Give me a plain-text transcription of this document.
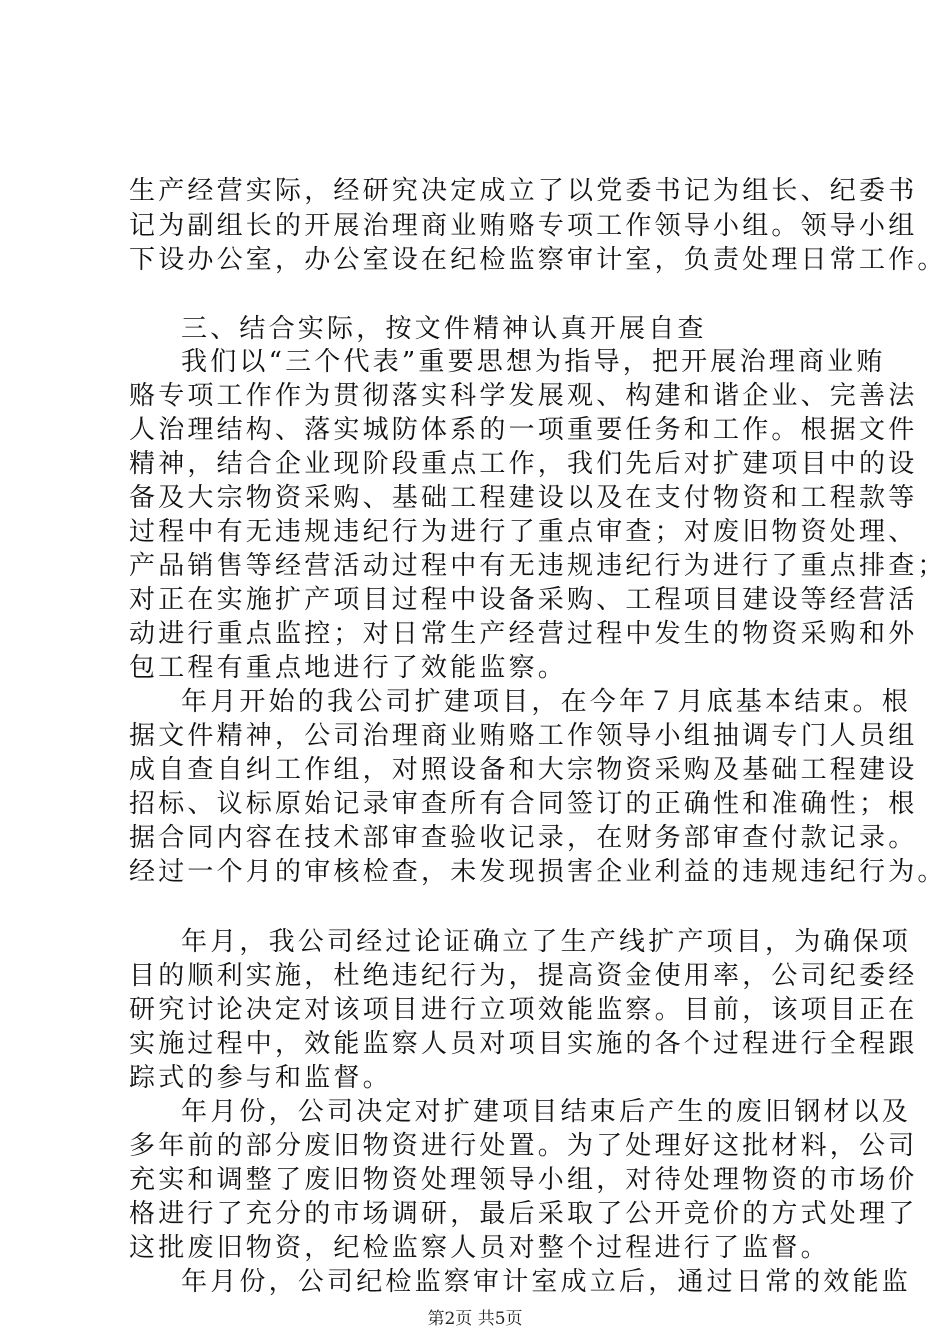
生产经营实际，经研究决定成立了以党委书记为组长、纪委书
记为副组长的开展治理商业贿赂专项工作领导小组。领导小组
下设办公室，办公室设在纪检监察审计室，负责处理日常工作。
三、结合实际，按文件精神认真开展自查
我们以“三个代表”重要思想为指导，把开展治理商业贿
赂专项工作作为贯彻落实科学发展观、构建和谐企业、完善法
人治理结构、落实城防体系的一项重要任务和工作。根据文件
精神，结合企业现阶段重点工作，我们先后对扩建项目中的设
备及大宗物资采购、基础工程建设以及在支付物资和工程款等
过程中有无违规违纪行为进行了重点审查；对废旧物资处理、
产品销售等经营活动过程中有无违规违纪行为进行了重点排查；
对正在实施扩产项目过程中设备采购、工程项目建设等经营活
动进行重点监控；对日常生产经营过程中发生的物资采购和外
包工程有重点地进行了效能监察。
年月开始的我公司扩建项目，在今年７月底基本结束。根
据文件精神，公司治理商业贿赂工作领导小组抽调专门人员组
成自查自纠工作组，对照设备和大宗物资采购及基础工程建设
招标、议标原始记录审查所有合同签订的正确性和准确性；根
据合同内容在技术部审查验收记录，在财务部审查付款记录。
经过一个月的审核检查，未发现损害企业利益的违规违纪行为。
年月，我公司经过论证确立了生产线扩产项目，为确保项
目的顺利实施，杜绝违纪行为，提高资金使用率，公司纪委经
研究讨论决定对该项目进行立项效能监察。目前，该项目正在
实施过程中，效能监察人员对项目实施的各个过程进行全程跟
踪式的参与和监督。
年月份，公司决定对扩建项目结束后产生的废旧钢材以及
多年前的部分废旧物资进行处置。为了处理好这批材料，公司
充实和调整了废旧物资处理领导小组，对待处理物资的市场价
格进行了充分的市场调研，最后采取了公开竞价的方式处理了
这批废旧物资，纪检监察人员对整个过程进行了监督。
年月份，公司纪检监察审计室成立后，通过日常的效能监
第2页 共5页
